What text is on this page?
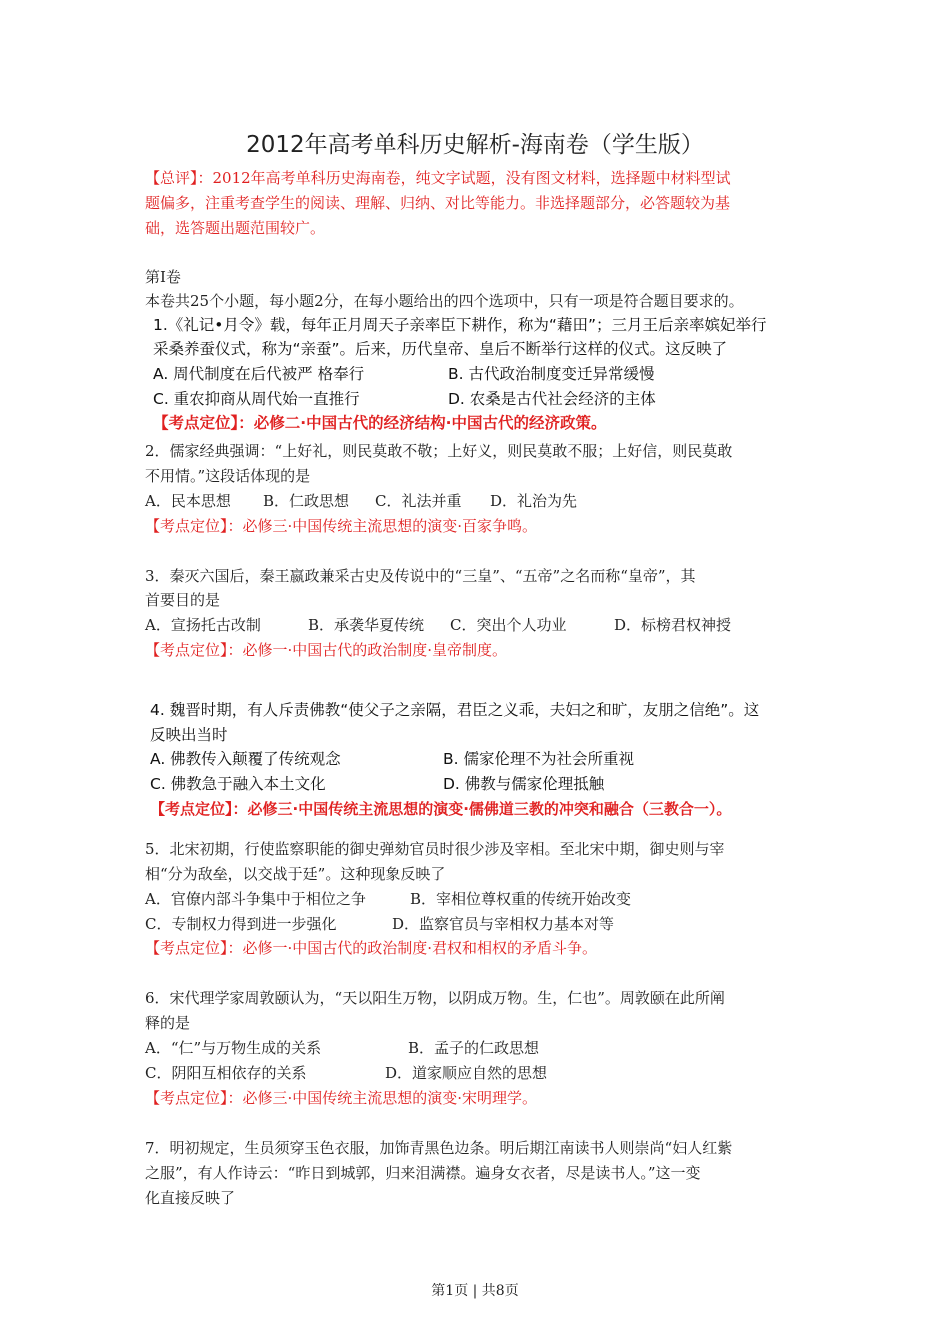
2012年高考单科历史解析-海南卷（学生版）
【总评】：2012年高考单科历史海南卷，纯文字试题，没有图文材料，选择题中材料型试
题偏多，注重考查学生的阅读、理解、归纳、对比等能力。非选择题部分，必答题较为基
础，选答题出题范围较广。
第Ⅰ卷
本卷共25个小题，每小题2分，在每小题给出的四个选项中，只有一项是符合题目要求的。
1.《礼记•月令》载，每年正月周天子亲率臣下耕作，称为“藉田”；三月王后亲率嫔妃举行
采桑养蚕仪式，称为“亲蚕”。后来，历代皇帝、皇后不断举行这样的仪式。这反映了
A. 周代制度在后代被严 格奉行	B. 古代政治制度变迁异常缓慢
C. 重农抑商从周代始一直推行	D. 农桑是古代社会经济的主体
【考点定位】：必修二·中国古代的经济结构·中国古代的经济政策。
2．儒家经典强调：“上好礼，则民莫敢不敬；上好义，则民莫敢不服；上好信，则民莫敢
不用情。”这段话体现的是
A．民本思想 B．仁政思想 C．礼法并重 D．礼治为先
【考点定位】：必修三·中国传统主流思想的演变·百家争鸣。
3．秦灭六国后，秦王嬴政兼采古史及传说中的“三皇”、“五帝”之名而称“皇帝”，其
首要目的是
A．宣扬托古改制	B．承袭华夏传统 C．突出个人功业	D．标榜君权神授
【考点定位】：必修一·中国古代的政治制度·皇帝制度。
4. 魏晋时期，有人斥责佛教“使父子之亲隔，君臣之义乖，夫妇之和旷，友朋之信绝”。这
反映出当时
A. 佛教传入颠覆了传统观念	B. 儒家伦理不为社会所重视
C. 佛教急于融入本土文化	D. 佛教与儒家伦理抵触
【考点定位】：必修三·中国传统主流思想的演变·儒佛道三教的冲突和融合（三教合一）。
5．北宋初期，行使监察职能的御史弹劾官员时很少涉及宰相。至北宋中期，御史则与宰
相“分为敌垒，以交战于廷”。这种现象反映了
A．官僚内部斗争集中于相位之争	B．宰相位尊权重的传统开始改变
C．专制权力得到进一步强化	D．监察官员与宰相权力基本对等
【考点定位】：必修一·中国古代的政治制度·君权和相权的矛盾斗争。
6．宋代理学家周敦颐认为，“天以阳生万物，以阴成万物。生，仁也”。周敦颐在此所阐
释的是
A．“仁”与万物生成的关系	B．孟子的仁政思想
C．阴阳互相依存的关系	D．道家顺应自然的思想
【考点定位】：必修三·中国传统主流思想的演变·宋明理学。
7．明初规定，生员须穿玉色衣服，加饰青黑色边条。明后期江南读书人则崇尚“妇人红紫
之服”，有人作诗云：“昨日到城郭，归来泪满襟。遍身女衣者，尽是读书人。”这一变
化直接反映了
第1页 | 共8页
